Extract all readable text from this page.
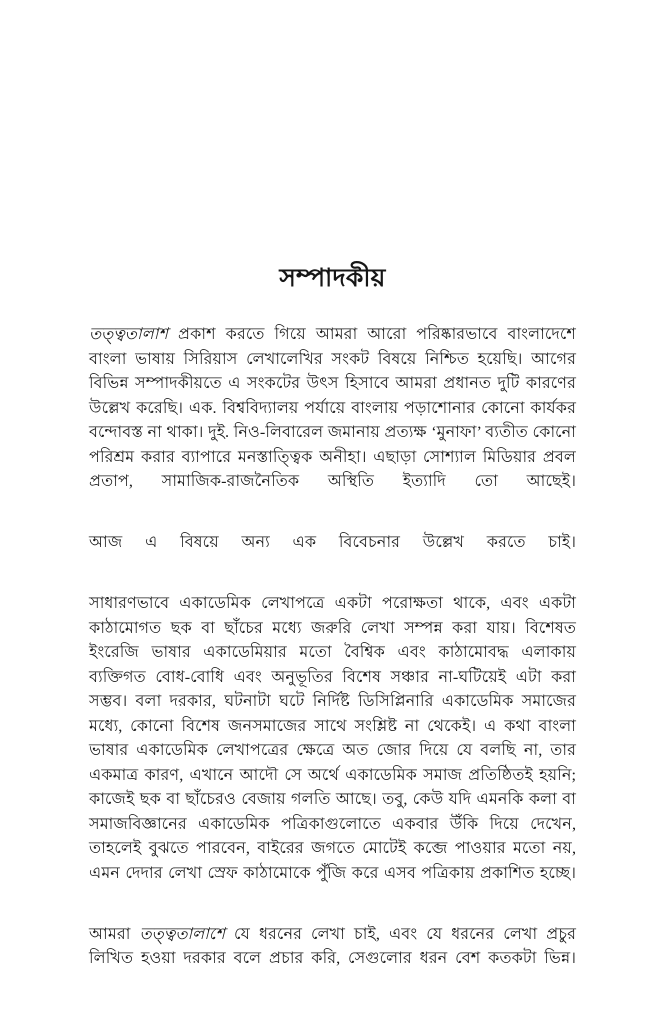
সম্পাদকীয়

তত্ত্বতালাশ প্রকাশ করতে গিয়ে আমরা আরো পরিষ্কারভাবে বাংলাদেশে বাংলা ভাষায় সিরিয়াস লেখালেখির সংকট বিষয়ে নিশ্চিত হয়েছি। আগের বিভিন্ন সম্পাদকীয়তে এ সংকটের উৎস হিসাবে আমরা প্রধানত দুটি কারণের উল্লেখ করেছি। এক. বিশ্ববিদ্যালয় পর্যায়ে বাংলায় পড়াশোনার কোনো কার্যকর বন্দোবস্ত না থাকা। দুই. নিও-লিবারেল জমানায় প্রত্যক্ষ ‘মুনাফা’ ব্যতীত কোনো পরিশ্রম করার ব্যাপারে মনস্তাত্ত্বিক অনীহা। এছাড়া সোশ্যাল মিডিয়ার প্রবল প্রতাপ, সামাজিক-রাজনৈতিক অস্থিতি ইত্যাদি তো আছেই।

আজ এ বিষয়ে অন্য এক বিবেচনার উল্লেখ করতে চাই।

সাধারণভাবে একাডেমিক লেখাপত্রে একটা পরোক্ষতা থাকে, এবং একটা কাঠামোগত ছক বা ছাঁচের মধ্যে জরুরি লেখা সম্পন্ন করা যায়। বিশেষত ইংরেজি ভাষার একাডেমিয়ার মতো বৈশ্বিক এবং কাঠামোবদ্ধ এলাকায় ব্যক্তিগত বোধ-বোধি এবং অনুভূতির বিশেষ সঞ্চার না-ঘটিয়েই এটা করা সম্ভব। বলা দরকার, ঘটনাটা ঘটে নির্দিষ্ট ডিসিপ্লিনারি একাডেমিক সমাজের মধ্যে, কোনো বিশেষ জনসমাজের সাথে সংশ্লিষ্ট না থেকেই। এ কথা বাংলা ভাষার একাডেমিক লেখাপত্রের ক্ষেত্রে অত জোর দিয়ে যে বলছি না, তার একমাত্র কারণ, এখানে আদৌ সে অর্থে একাডেমিক সমাজ প্রতিষ্ঠিতই হয়নি; কাজেই ছক বা ছাঁচেরও বেজায় গলতি আছে। তবু, কেউ যদি এমনকি কলা বা সমাজবিজ্ঞানের একাডেমিক পত্রিকাগুলোতে একবার উঁকি দিয়ে দেখেন, তাহলেই বুঝতে পারবেন, বাইরের জগতে মোটেই কব্জে পাওয়ার মতো নয়, এমন দেদার লেখা স্রেফ কাঠামোকে পুঁজি করে এসব পত্রিকায় প্রকাশিত হচ্ছে।

আমরা তত্ত্বতালাশে যে ধরনের লেখা চাই, এবং যে ধরনের লেখা প্রচুর লিখিত হওয়া দরকার বলে প্রচার করি, সেগুলোর ধরন বেশ কতকটা ভিন্ন।
